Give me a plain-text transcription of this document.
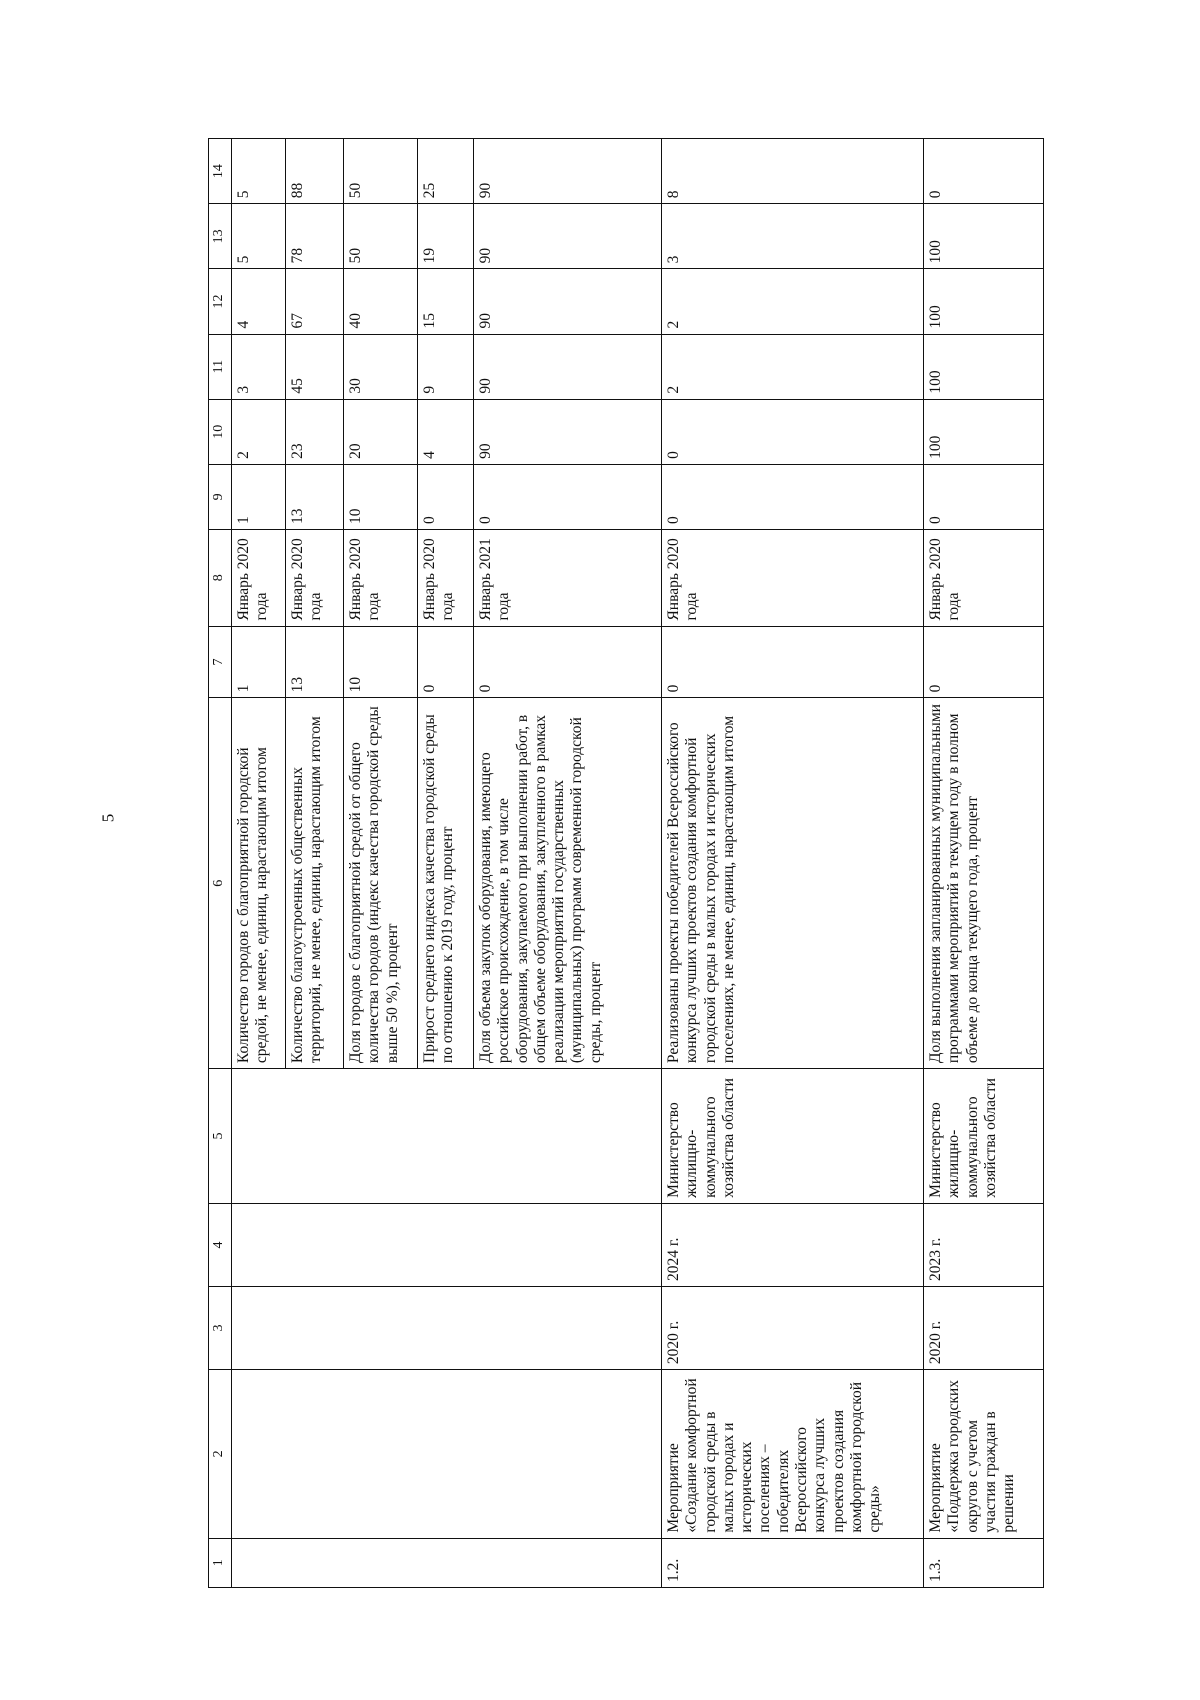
5
1	2	3	4	5	6	7	8	9	10	11	12	13	14
					Количество городов с благоприятной городской средой, не менее, единиц, нарастающим итогом	1	Январь 2020 года	1	2	3	4	5	5
					Количество благоустроенных общественных территорий, не менее, единиц, нарастающим итогом	13	Январь 2020 года	13	23	45	67	78	88
					Доля городов с благоприятной средой от общего количества городов (индекс качества городской среды выше 50 %), процент	10	Январь 2020 года	10	20	30	40	50	50
					Прирост среднего индекса качества городской среды по отношению к 2019 году, процент	0	Январь 2020 года	0	4	9	15	19	25
					Доля объема закупок оборудования, имеющего российское происхождение, в том числе оборудования, закупаемого при выполнении работ, в общем объеме оборудования, закупленного в рамках реализации мероприятий государственных (муниципальных) программ современной городской среды, процент	0	Январь 2021 года	0	90	90	90	90	90
1.2.	Мероприятие «Создание комфортной городской среды в малых городах и исторических поселениях – победителях Всероссийского конкурса лучших проектов создания комфортной городской среды»	2020 г.	2024 г.	Министерство жилищно-коммунального хозяйства области	Реализованы проекты победителей Всероссийского конкурса лучших проектов создания комфортной городской среды в малых городах и исторических поселениях, не менее, единиц, нарастающим итогом	0	Январь 2020 года	0	0	2	2	3	8
1.3.	Мероприятие «Поддержка городских округов с учетом участия граждан в решении	2020 г.	2023 г.	Министерство жилищно-коммунального хозяйства области	Доля выполнения запланированных муниципальными программами мероприятий в текущем году в полном объеме до конца текущего года, процент	0	Январь 2020 года	0	100	100	100	100	0
